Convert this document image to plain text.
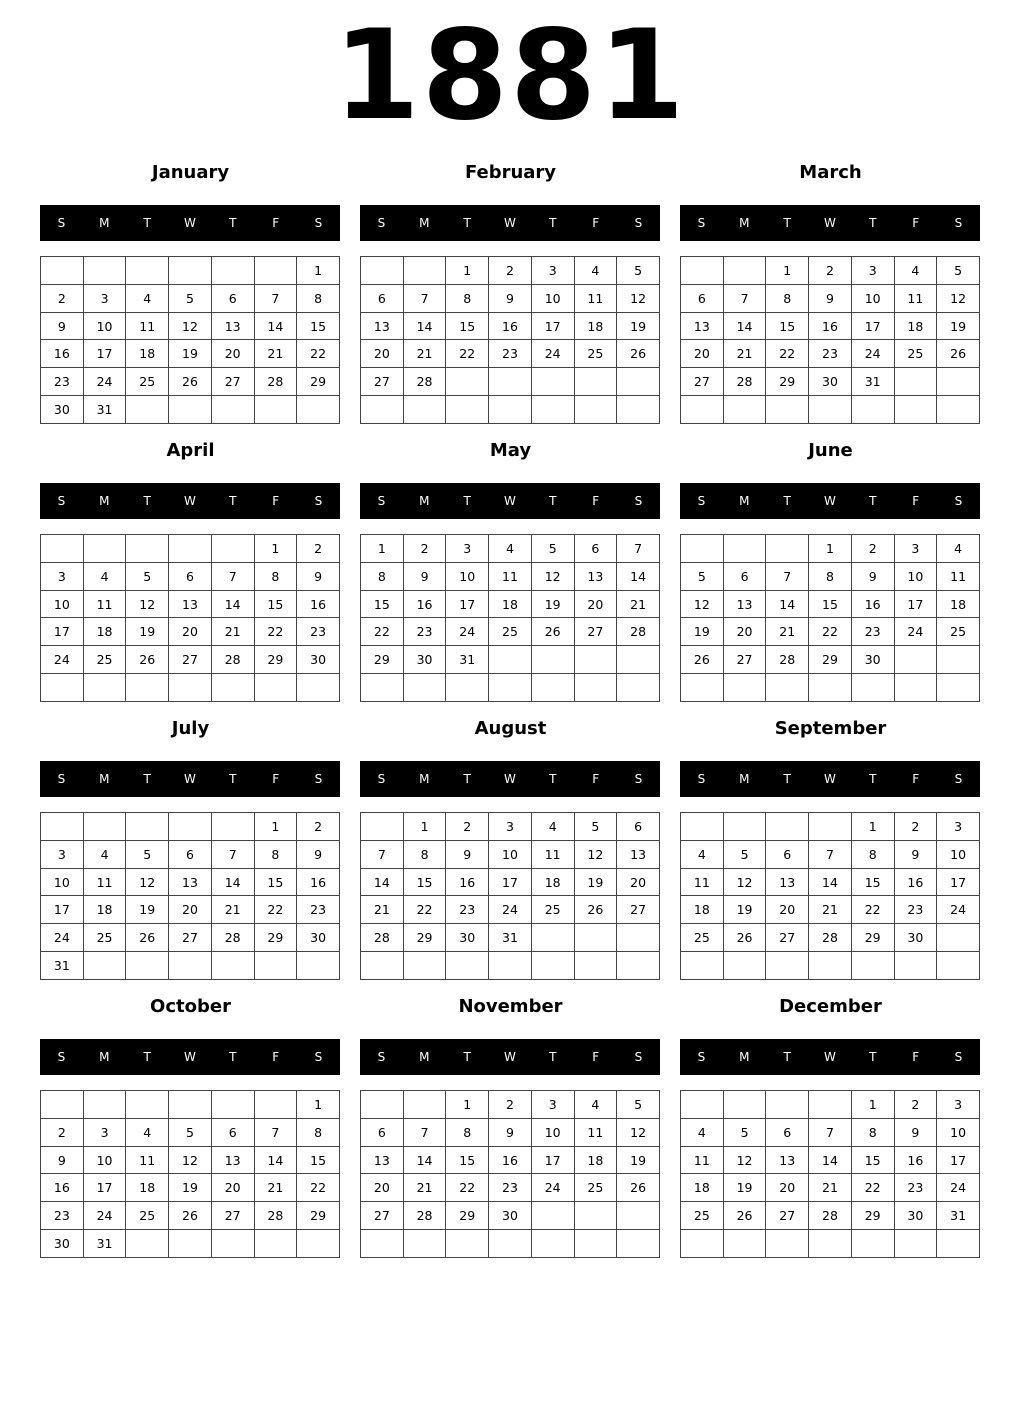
1881
January
S	M	T	W	T	F	S
						1
2	3	4	5	6	7	8
9	10	11	12	13	14	15
16	17	18	19	20	21	22
23	24	25	26	27	28	29
30	31					
February
S	M	T	W	T	F	S
		1	2	3	4	5
6	7	8	9	10	11	12
13	14	15	16	17	18	19
20	21	22	23	24	25	26
27	28					

March
S	M	T	W	T	F	S
		1	2	3	4	5
6	7	8	9	10	11	12
13	14	15	16	17	18	19
20	21	22	23	24	25	26
27	28	29	30	31		

April
S	M	T	W	T	F	S
					1	2
3	4	5	6	7	8	9
10	11	12	13	14	15	16
17	18	19	20	21	22	23
24	25	26	27	28	29	30

May
S	M	T	W	T	F	S
1	2	3	4	5	6	7
8	9	10	11	12	13	14
15	16	17	18	19	20	21
22	23	24	25	26	27	28
29	30	31				

June
S	M	T	W	T	F	S
			1	2	3	4
5	6	7	8	9	10	11
12	13	14	15	16	17	18
19	20	21	22	23	24	25
26	27	28	29	30		

July
S	M	T	W	T	F	S
					1	2
3	4	5	6	7	8	9
10	11	12	13	14	15	16
17	18	19	20	21	22	23
24	25	26	27	28	29	30
31						
August
S	M	T	W	T	F	S
	1	2	3	4	5	6
7	8	9	10	11	12	13
14	15	16	17	18	19	20
21	22	23	24	25	26	27
28	29	30	31			

September
S	M	T	W	T	F	S
				1	2	3
4	5	6	7	8	9	10
11	12	13	14	15	16	17
18	19	20	21	22	23	24
25	26	27	28	29	30	

October
S	M	T	W	T	F	S
						1
2	3	4	5	6	7	8
9	10	11	12	13	14	15
16	17	18	19	20	21	22
23	24	25	26	27	28	29
30	31					
November
S	M	T	W	T	F	S
		1	2	3	4	5
6	7	8	9	10	11	12
13	14	15	16	17	18	19
20	21	22	23	24	25	26
27	28	29	30			

December
S	M	T	W	T	F	S
				1	2	3
4	5	6	7	8	9	10
11	12	13	14	15	16	17
18	19	20	21	22	23	24
25	26	27	28	29	30	31
